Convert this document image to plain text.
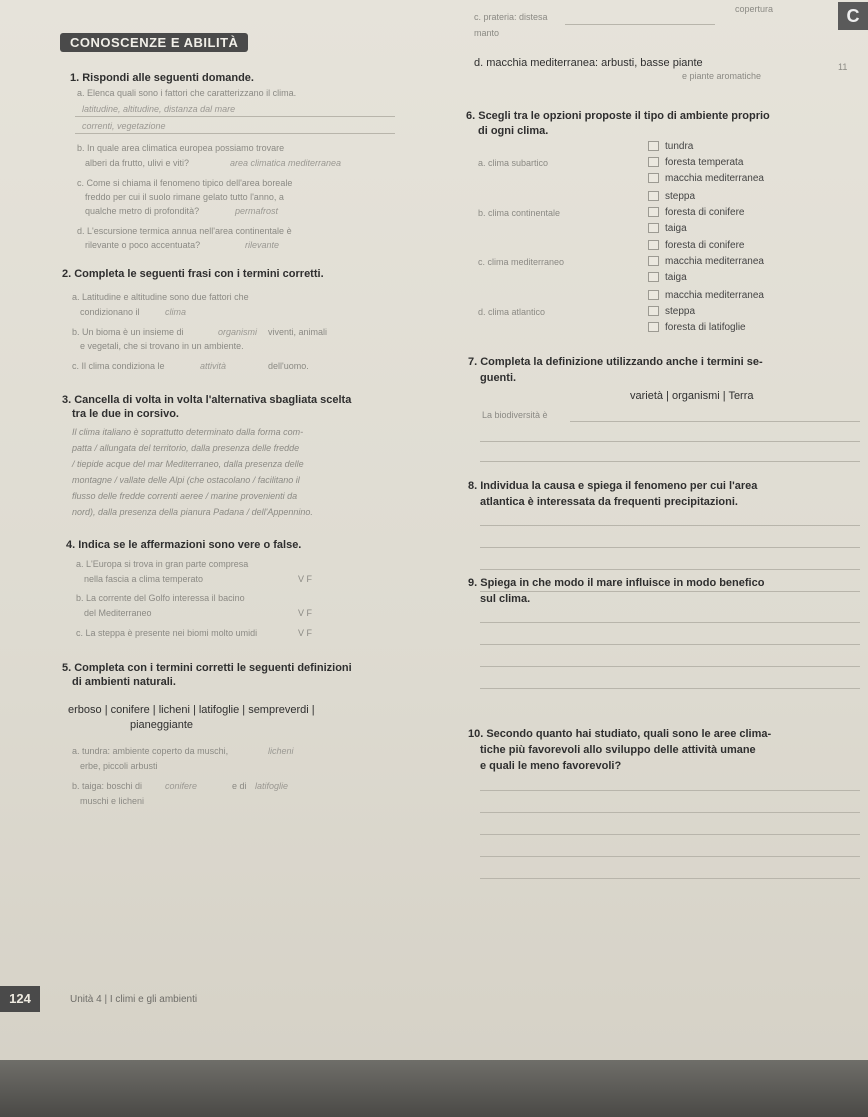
CONOSCENZE E ABILITÀ
copertura	C
11
1. Rispondi alle seguenti domande.
a. Elenca quali sono i fattori che caratterizzano il clima.
latitudine, altitudine, distanza dal mare
correnti, vegetazione
b. In quale area climatica europea possiamo trovare
alberi da frutto, ulivi e viti?	area climatica mediterranea
c. Come si chiama il fenomeno tipico dell'area boreale
freddo per cui il suolo rimane gelato tutto l'anno, a
qualche metro di profondità?	permafrost
d. L'escursione termica annua nell'area continentale è
rilevante o poco accentuata?	rilevante
2. Completa le seguenti frasi con i termini corretti.
a. Latitudine e altitudine sono due fattori che
condizionano il	clima
b. Un bioma è un insieme di	organismi viventi, animali
e vegetali, che si trovano in un ambiente.
c. Il clima condiziona le	attività	dell'uomo.
3. Cancella di volta in volta l'alternativa sbagliata scelta
tra le due in corsivo.
Il clima italiano è soprattutto determinato dalla forma com-
patta / allungata del territorio, dalla presenza delle fredde
/ tiepide acque del mar Mediterraneo, dalla presenza delle
montagne / vallate delle Alpi (che ostacolano / facilitano il
flusso delle fredde correnti aeree / marine provenienti da
nord), dalla presenza della pianura Padana / dell'Appennino.
4. Indica se le affermazioni sono vere o false.
a. L'Europa si trova in gran parte compresa
nella fascia a clima temperato	V F
b. La corrente del Golfo interessa il bacino
del Mediterraneo	V F
c. La steppa è presente nei biomi molto umidi	V F
5. Completa con i termini corretti le seguenti definizioni
di ambienti naturali.
erboso | conifere | licheni | latifoglie | sempreverdi |
pianeggiante
a. tundra: ambiente coperto da muschi,	licheni
erbe, piccoli arbusti
b. taiga: boschi di	conifere	e di latifoglie
muschi e licheni
c. prateria: distesa
manto
d. macchia mediterranea: arbusti, basse piante
e piante aromatiche
6. Scegli tra le opzioni proposte il tipo di ambiente proprio
di ogni clima.
a. clima subartico
tundra
foresta temperata
macchia mediterranea
b. clima continentale
steppa
foresta di conifere
taiga
c. clima mediterraneo
foresta di conifere
macchia mediterranea
taiga
d. clima atlantico
macchia mediterranea
steppa
foresta di latifoglie
7. Completa la definizione utilizzando anche i termini se-
guenti.
varietà | organismi | Terra
La biodiversità è
8. Individua la causa e spiega il fenomeno per cui l'area
atlantica è interessata da frequenti precipitazioni.
9. Spiega in che modo il mare influisce in modo benefico
sul clima.
10. Secondo quanto hai studiato, quali sono le aree clima-
tiche più favorevoli allo sviluppo delle attività umane
e quali le meno favorevoli?
124	Unità 4 | I climi e gli ambienti
